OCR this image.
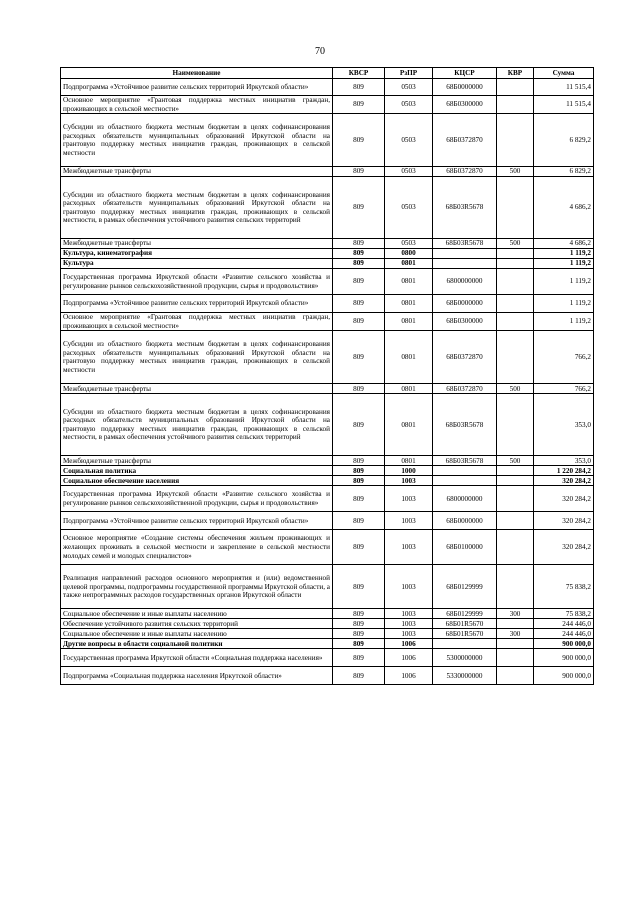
70
Наименование	КВСР	РзПР	КЦСР	КВР	Сумма
Подпрограмма «Устойчивое развитие сельских территорий Иркутской области»	809	0503	68Б0000000		11 515,4
Основное мероприятие «Грантовая поддержка местных инициатив граждан, проживающих в сельской местности»	809	0503	68Б0300000		11 515,4
Субсидии из областного бюджета местным бюджетам в целях софинансирования расходных обязательств муниципальных образований Иркутской области на грантовую поддержку местных инициатив граждан, проживающих в сельской местности	809	0503	68Б0372870		6 829,2
Межбюджетные трансферты	809	0503	68Б0372870	500	6 829,2
Субсидии из областного бюджета местным бюджетам в целях софинансирования расходных обязательств муниципальных образований Иркутской области на грантовую поддержку местных инициатив граждан, проживающих в сельской местности, в рамках обеспечения устойчивого развития сельских территорий	809	0503	68Б03R5678		4 686,2
Межбюджетные трансферты	809	0503	68Б03R5678	500	4 686,2
Культура, кинематография	809	0800			1 119,2
Культура	809	0801			1 119,2
Государственная программа Иркутской области «Развитие сельского хозяйства и регулирование рынков сельскохозяйственной продукции, сырья и продовольствия»	809	0801	6800000000		1 119,2
Подпрограмма «Устойчивое развитие сельских территорий Иркутской области»	809	0801	68Б0000000		1 119,2
Основное мероприятие «Грантовая поддержка местных инициатив граждан, проживающих в сельской местности»	809	0801	68Б0300000		1 119,2
Субсидии из областного бюджета местным бюджетам в целях софинансирования расходных обязательств муниципальных образований Иркутской области на грантовую поддержку местных инициатив граждан, проживающих в сельской местности	809	0801	68Б0372870		766,2
Межбюджетные трансферты	809	0801	68Б0372870	500	766,2
Субсидии из областного бюджета местным бюджетам в целях софинансирования расходных обязательств муниципальных образований Иркутской области на грантовую поддержку местных инициатив граждан, проживающих в сельской местности, в рамках обеспечения устойчивого развития сельских территорий	809	0801	68Б03R5678		353,0
Межбюджетные трансферты	809	0801	68Б03R5678	500	353,0
Социальная политика	809	1000			1 220 284,2
Социальное обеспечение населения	809	1003			320 284,2
Государственная программа Иркутской области «Развитие сельского хозяйства и регулирование рынков сельскохозяйственной продукции, сырья и продовольствия»	809	1003	6800000000		320 284,2
Подпрограмма «Устойчивое развитие сельских территорий Иркутской области»	809	1003	68Б0000000		320 284,2
Основное мероприятие «Создание системы обеспечения жильем проживающих и желающих проживать в сельской местности и закрепление в сельской местности молодых семей и молодых специалистов»	809	1003	68Б0100000		320 284,2
Реализация направлений расходов основного мероприятия и (или) ведомственной целевой программы, подпрограммы государственной программы Иркутской области, а также непрограммных расходов государственных органов Иркутской области	809	1003	68Б0129999		75 838,2
Социальное обеспечение и иные выплаты населению	809	1003	68Б0129999	300	75 838,2
Обеспечение устойчивого развития сельских территорий	809	1003	68Б01R5670		244 446,0
Социальное обеспечение и иные выплаты населению	809	1003	68Б01R5670	300	244 446,0
Другие вопросы в области социальной политики	809	1006			900 000,0
Государственная программа Иркутской области «Социальная поддержка населения»	809	1006	5300000000		900 000,0
Подпрограмма «Социальная поддержка населения Иркутской области»	809	1006	5330000000		900 000,0
